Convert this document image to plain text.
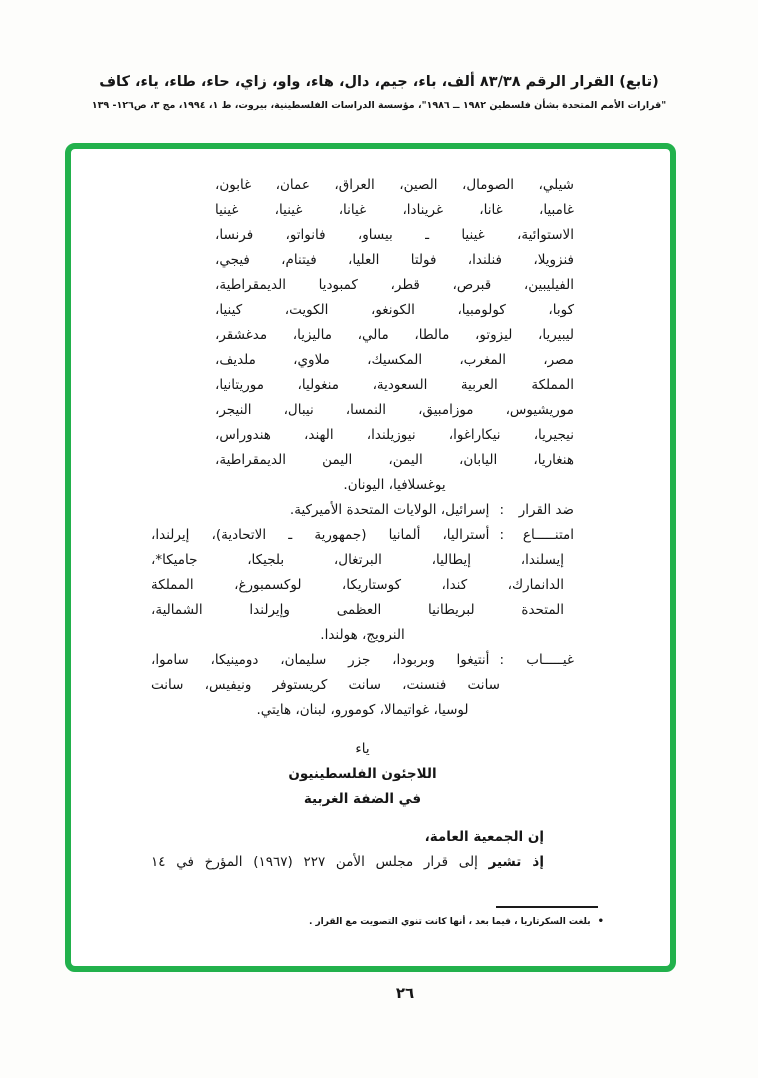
(تابع) القرار الرقم ٨٣/٣٨ ألف، باء، جيم، دال، هاء، واو، زاي، حاء، طاء، ياء، كاف
"قرارات الأمم المتحدة بشأن فلسطين ١٩٨٢ ــ ١٩٨٦"، مؤسسة الدراسات الفلسطينية، بيروت، ط ١، ١٩٩٤، مج ٣، ص١٢٦- ١٣٩
شيلي، الصومال، الصين، العراق، عمان، غابون،
غامبيا، غانا، غرينادا، غيانا، غينيا، غينيا
الاستوائية، غينيا ـ بيساو، فانواتو، فرنسا،
فنزويلا، فنلندا، فولتا العليا، فيتنام، فيجي،
الفيليبين، قبرص، قطر، كمبوديا الديمقراطية،
كوبا، كولومبيا، الكونغو، الكويت، كينيا،
ليبيريا، ليزوتو، مالطا، مالي، ماليزيا، مدغشقر،
مصر، المغرب، المكسيك، ملاوي، ملديف،
المملكة العربية السعودية، منغوليا، موريتانيا،
موريشيوس، موزامبيق، النمسا، نيبال، النيجر،
نيجيريا، نيكاراغوا، نيوزيلندا، الهند، هندوراس،
هنغاريا، اليابان، اليمن، اليمن الديمقراطية،
يوغسلافيا، اليونان.
ضد القرار
:
إسرائيل، الولايات المتحدة الأميركية.
امتنـــــاع
:
أستراليا، ألمانيا (جمهورية ـ الاتحادية)، إيرلندا،
إيسلندا، إيطاليا، البرتغال، بلجيكا، جاميكا*،
الدانمارك، كندا، كوستاريكا، لوكسمبورغ، المملكة
المتحدة لبريطانيا العظمى وإيرلندا الشمالية،
النرويج، هولندا.
غيـــــاب
:
أنتيغوا وبربودا، جزر سليمان، دومينيكا، ساموا،
سانت فنسنت، سانت كريستوفر ونيفيس، سانت
لوسيا، غواتيمالا، كومورو، لبنان، هايتي.
ياء
اللاجئون الفلسطينيون
في الضفة الغربية
إن الجمعية العامة،
إذ تشير إلى قرار مجلس الأمن ٢٢٧ (١٩٦٧) المؤرخ في ١٤
•بلغت السكرتاريا ، فيما بعد ، أنها كانت تنوي التصويت مع القرار .
٢٦
